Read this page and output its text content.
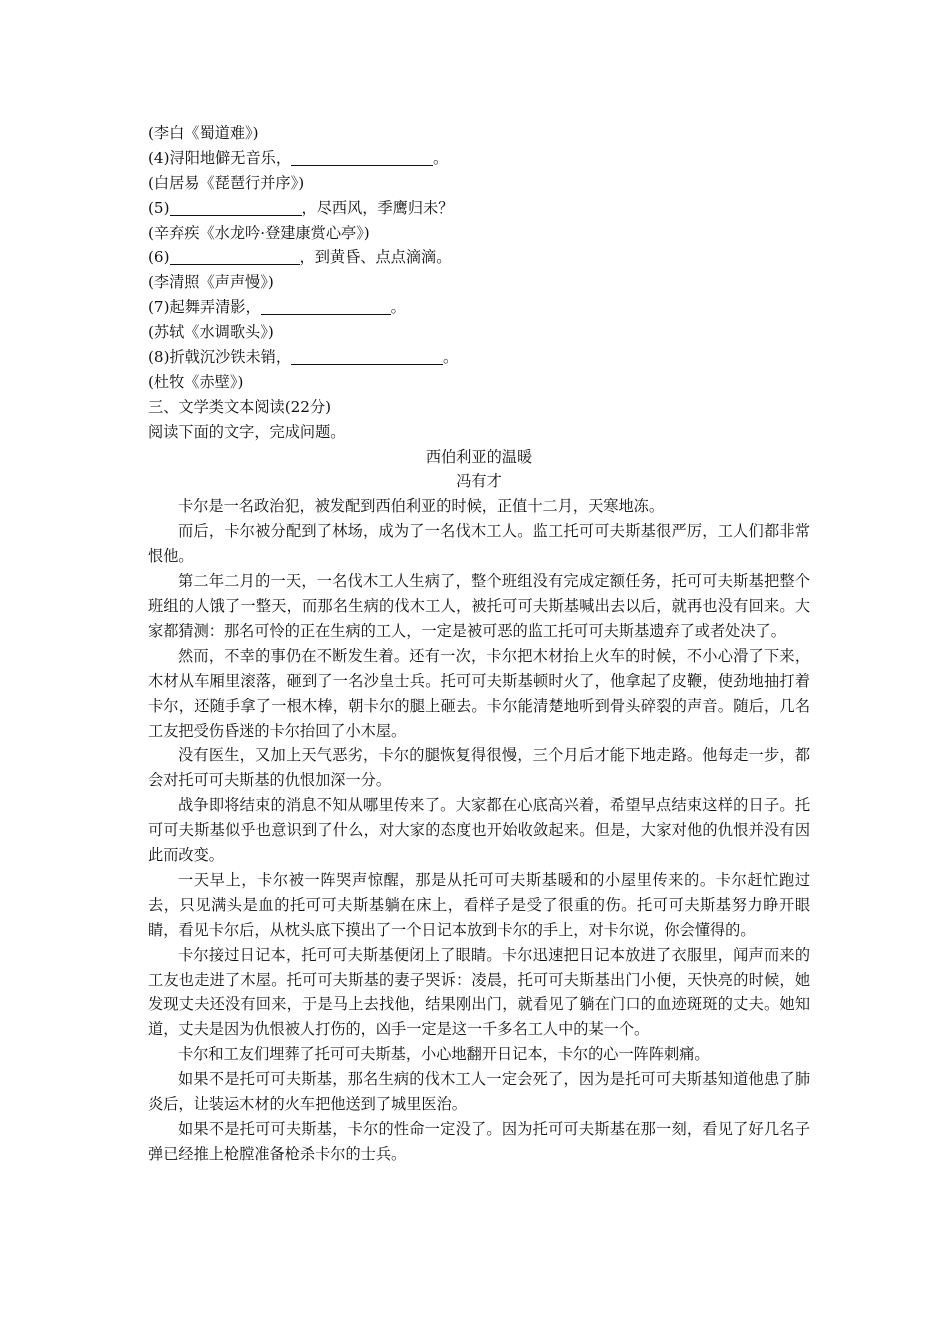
(李白《蜀道难》)
(4)浔阳地僻无音乐，	。
(白居易《琵琶行并序》)
(5)	，尽西风，季鹰归未？
(辛弃疾《水龙吟·登建康赏心亭》)
(6)	，到黄昏、点点滴滴。
(李清照《声声慢》)
(7)起舞弄清影，	。
(苏轼《水调歌头》)
(8)折戟沉沙铁未销，	。
(杜牧《赤壁》)
三、文学类文本阅读(22分)
阅读下面的文字，完成问题。
西伯利亚的温暖
冯有才
卡尔是一名政治犯，被发配到西伯利亚的时候，正值十二月，天寒地冻。
而后，卡尔被分配到了林场，成为了一名伐木工人。监工托可可夫斯基很严厉，工人们都非常恨他。
第二年二月的一天，一名伐木工人生病了，整个班组没有完成定额任务，托可可夫斯基把整个班组的人饿了一整天，而那名生病的伐木工人，被托可可夫斯基喊出去以后，就再也没有回来。大家都猜测：那名可怜的正在生病的工人，一定是被可恶的监工托可可夫斯基遗弃了或者处决了。
然而，不幸的事仍在不断发生着。还有一次，卡尔把木材抬上火车的时候，不小心滑了下来，木材从车厢里滚落，砸到了一名沙皇士兵。托可可夫斯基顿时火了，他拿起了皮鞭，使劲地抽打着卡尔，还随手拿了一根木棒，朝卡尔的腿上砸去。卡尔能清楚地听到骨头碎裂的声音。随后，几名工友把受伤昏迷的卡尔抬回了小木屋。
没有医生，又加上天气恶劣，卡尔的腿恢复得很慢，三个月后才能下地走路。他每走一步，都会对托可可夫斯基的仇恨加深一分。
战争即将结束的消息不知从哪里传来了。大家都在心底高兴着，希望早点结束这样的日子。托可可夫斯基似乎也意识到了什么，对大家的态度也开始收敛起来。但是，大家对他的仇恨并没有因此而改变。
一天早上，卡尔被一阵哭声惊醒，那是从托可可夫斯基暖和的小屋里传来的。卡尔赶忙跑过去，只见满头是血的托可可夫斯基躺在床上，看样子是受了很重的伤。托可可夫斯基努力睁开眼睛，看见卡尔后，从枕头底下摸出了一个日记本放到卡尔的手上，对卡尔说，你会懂得的。
卡尔接过日记本，托可可夫斯基便闭上了眼睛。卡尔迅速把日记本放进了衣服里，闻声而来的工友也走进了木屋。托可可夫斯基的妻子哭诉：凌晨，托可可夫斯基出门小便，天快亮的时候，她发现丈夫还没有回来，于是马上去找他，结果刚出门，就看见了躺在门口的血迹斑斑的丈夫。她知道，丈夫是因为仇恨被人打伤的，凶手一定是这一千多名工人中的某一个。
卡尔和工友们埋葬了托可可夫斯基，小心地翻开日记本，卡尔的心一阵阵刺痛。
如果不是托可可夫斯基，那名生病的伐木工人一定会死了，因为是托可可夫斯基知道他患了肺炎后，让装运木材的火车把他送到了城里医治。
如果不是托可可夫斯基，卡尔的性命一定没了。因为托可可夫斯基在那一刻，看见了好几名子弹已经推上枪膛准备枪杀卡尔的士兵。
